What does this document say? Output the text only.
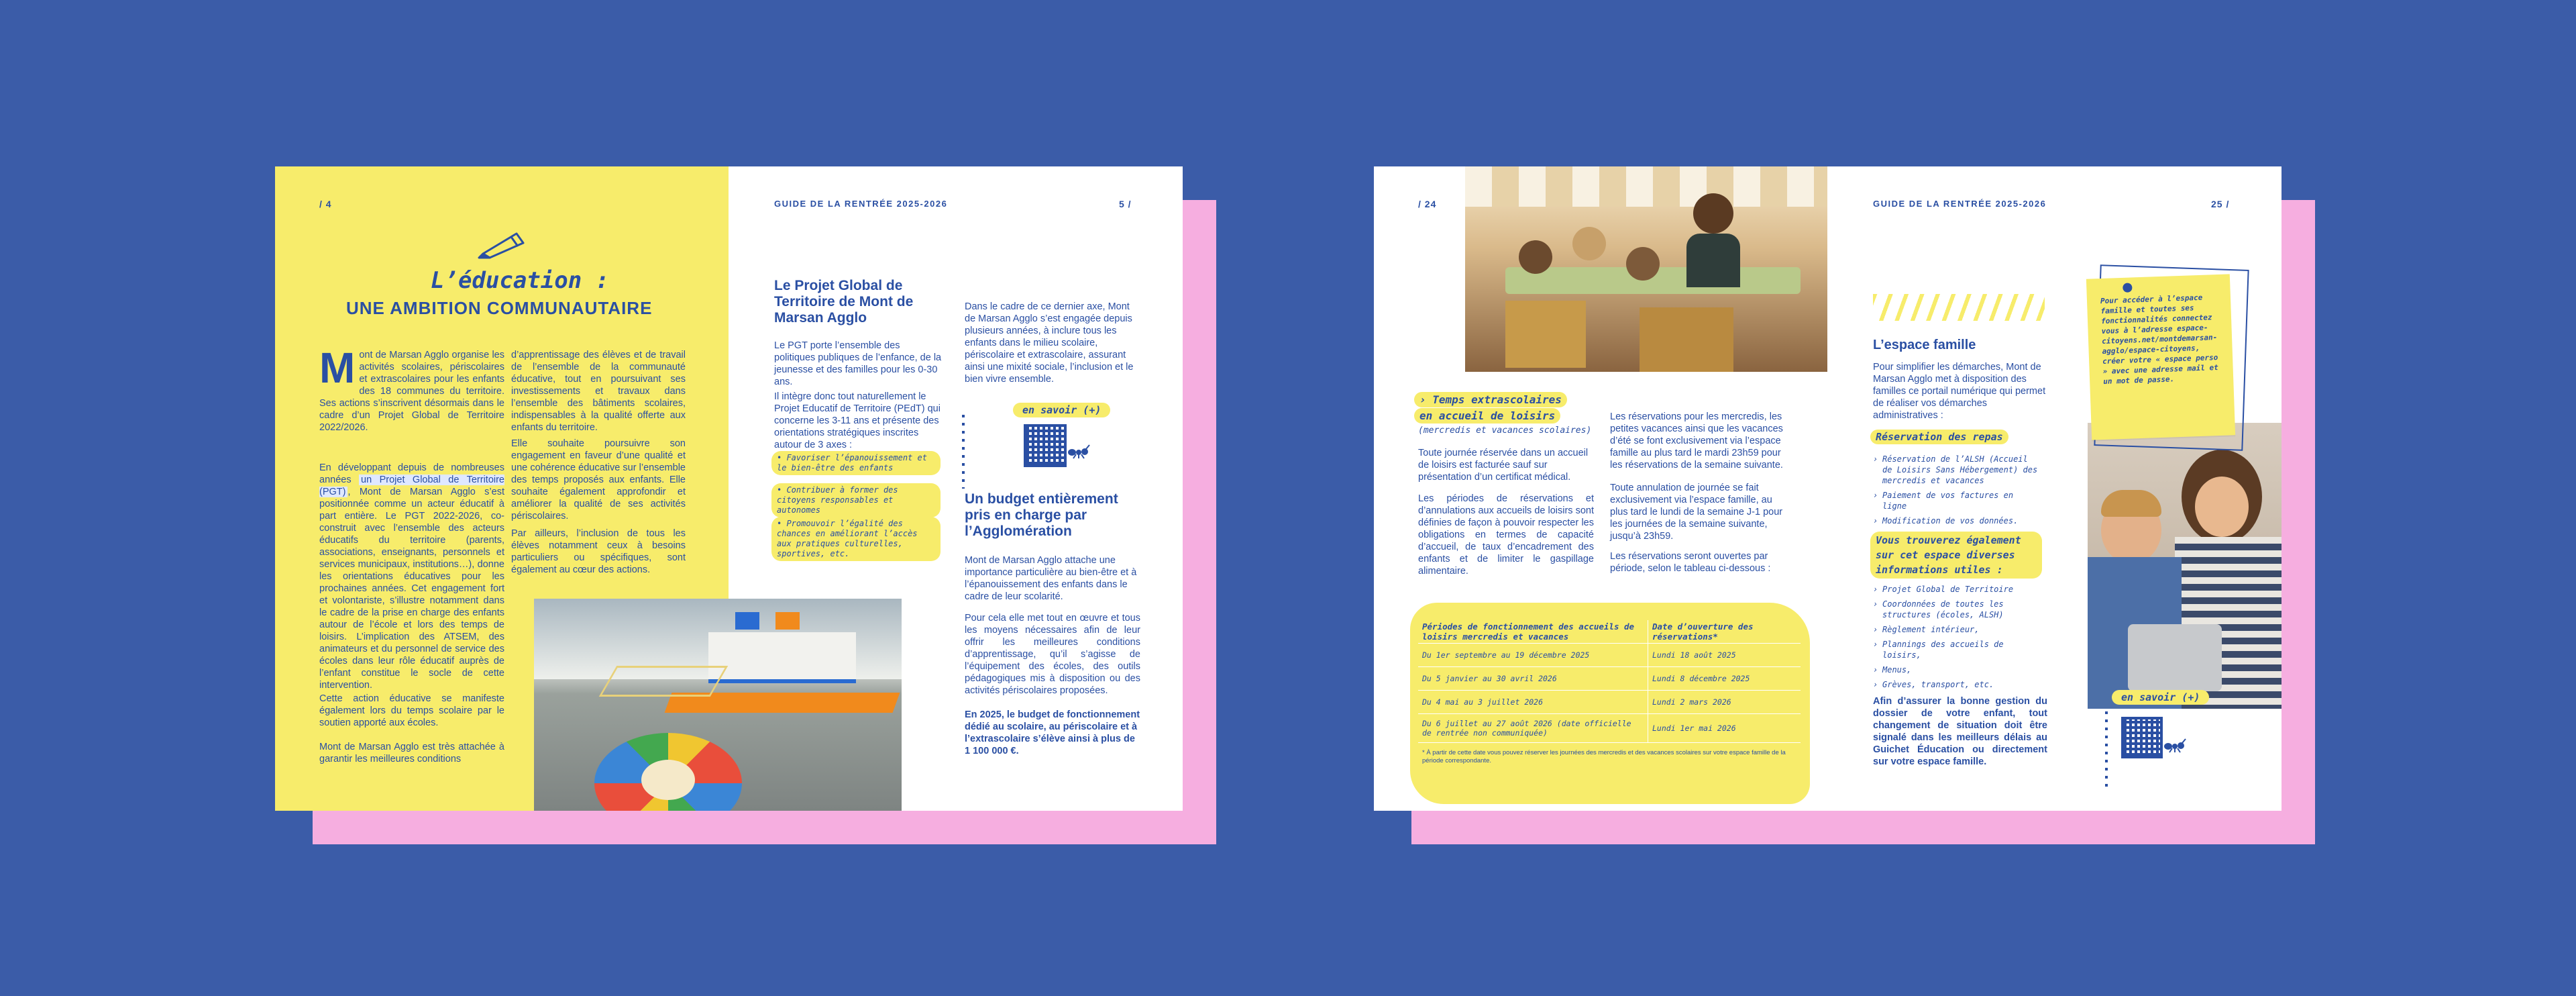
/ 4
L’éducation :
UNE AMBITION COMMUNAUTAIRE
Mont de Marsan Agglo organise les activités scolaires, périscolaires et extrascolaires pour les enfants des 18 communes du territoire. Ses actions s’inscrivent désormais dans le cadre d’un Projet Global de Territoire 2022/2026.
En développant depuis de nombreuses années un Projet Global de Territoire (PGT) , Mont de Marsan Agglo s’est positionnée comme un acteur éducatif à part entière. Le PGT 2022-2026, co-construit avec l’ensemble des acteurs éducatifs du territoire (parents, associations, enseignants, personnels et services municipaux, institutions…), donne les orientations éducatives pour les prochaines années. Cet engagement fort et volontariste, s’illustre notamment dans le cadre de la prise en charge des enfants autour de l’école et lors des temps de loisirs. L’implication des ATSEM, des animateurs et du personnel de service des écoles dans leur rôle éducatif auprès de l’enfant constitue le socle de cette intervention.
Cette action éducative se manifeste également lors du temps scolaire par le soutien apporté aux écoles.
Mont de Marsan Agglo est très attachée à garantir les meilleures conditions
d’apprentissage des élèves et de travail de l’ensemble de la communauté éducative, tout en poursuivant ses investissements et travaux dans l’ensemble des bâtiments scolaires, indispensables à la qualité offerte aux enfants du territoire.
Elle souhaite poursuivre son engagement en faveur d’une qualité et une cohérence éducative sur l’ensemble des temps proposés aux enfants. Elle souhaite également approfondir et améliorer la qualité de ses activités périscolaires.
Par ailleurs, l’inclusion de tous les élèves notamment ceux à besoins particuliers ou spécifiques, sont également au cœur des actions.
GUIDE DE LA RENTRÉE 2025-2026	5 /
Le Projet Global de Territoire de Mont de Marsan Agglo
Le PGT porte l’ensemble des politiques publiques de l’enfance, de la jeunesse et des familles pour les 0-30 ans.
Il intègre donc tout naturellement le Projet Educatif de Territoire (PEdT) qui concerne les 3-11 ans et présente des orientations stratégiques inscrites autour de 3 axes :
• Favoriser l’épanouissement et le bien-être des enfants
• Contribuer à former des citoyens responsables et autonomes
• Promouvoir l’égalité des chances en améliorant l’accès aux pratiques culturelles, sportives, etc.
Dans le cadre de ce dernier axe, Mont de Marsan Agglo s’est engagée depuis plusieurs années, à inclure tous les enfants dans le milieu scolaire, périscolaire et extrascolaire, assurant ainsi une mixité sociale, l’inclusion et le bien vivre ensemble.
en savoir (+)
Un budget entièrement pris en charge par l’Agglomération
Mont de Marsan Agglo attache une importance particulière au bien-être et à l’épanouissement des enfants dans le cadre de leur scolarité.
Pour cela elle met tout en œuvre et tous les moyens nécessaires afin de leur offrir les meilleures conditions d’apprentissage, qu’il s’agisse de l’équipement des écoles, des outils pédagogiques mis à disposition ou des activités périscolaires proposées.
En 2025, le budget de fonctionnement dédié au scolaire, au périscolaire et à l’extrascolaire s’élève ainsi à plus de 1 100 000 €.
/ 24
› Temps extrascolaires
en accueil de loisirs
(mercredis et vacances scolaires)
Toute journée réservée dans un accueil de loisirs est facturée sauf sur présentation d’un certificat médical.
Les périodes de réservations et d’annulations aux accueils de loisirs sont définies de façon à pouvoir respecter les obligations en termes de capacité d’accueil, de taux d’encadrement des enfants et de limiter le gaspillage alimentaire.
Les réservations pour les mercredis, les petites vacances ainsi que les vacances d’été se font exclusivement via l’espace famille au plus tard le mardi 23h59 pour les réservations de la semaine suivante.
Toute annulation de journée se fait exclusivement via l’espace famille, au plus tard le lundi de la semaine J-1 pour les journées de la semaine suivante, jusqu’à 23h59.
Les réservations seront ouvertes par période, selon le tableau ci-dessous :
Périodes de fonctionnement des accueils de loisirs mercredis et vacances	Date d’ouverture des réservations*
Du 1er septembre au 19 décembre 2025	Lundi 18 août 2025
Du 5 janvier au 30 avril 2026	Lundi 8 décembre 2025
Du 4 mai au 3 juillet 2026	Lundi 2 mars 2026
Du 6 juillet au 27 août 2026 (date officielle de rentrée non communiquée)	Lundi 1er mai 2026
* À partir de cette date vous pouvez réserver les journées des mercredis et des vacances scolaires sur votre espace famille de la période correspondante.
GUIDE DE LA RENTRÉE 2025-2026	25 /
L’espace famille
Pour simplifier les démarches, Mont de Marsan Agglo met à disposition des familles ce portail numérique qui permet de réaliser vos démarches administratives :
Réservation des repas
› Réservation de l’ALSH (Accueil de Loisirs Sans Hébergement) des mercredis et vacances
› Paiement de vos factures en ligne
› Modification de vos données.
Vous trouverez également sur cet espace diverses informations utiles :
› Projet Global de Territoire
› Coordonnées de toutes les structures (écoles, ALSH)
› Règlement intérieur,
› Plannings des accueils de loisirs,
› Menus,
› Grèves, transport, etc.
Afin d’assurer la bonne gestion du dossier de votre enfant, tout changement de situation doit être signalé dans les meilleurs délais au Guichet Éducation ou directement sur votre espace famille.
Pour accéder à l’espace famille et toutes ses fonctionnalités connectez vous à l’adresse espace-citoyens.net/montdemarsan-agglo/espace-citoyens, créer votre « espace perso » avec une adresse mail et un mot de passe.
en savoir (+)
